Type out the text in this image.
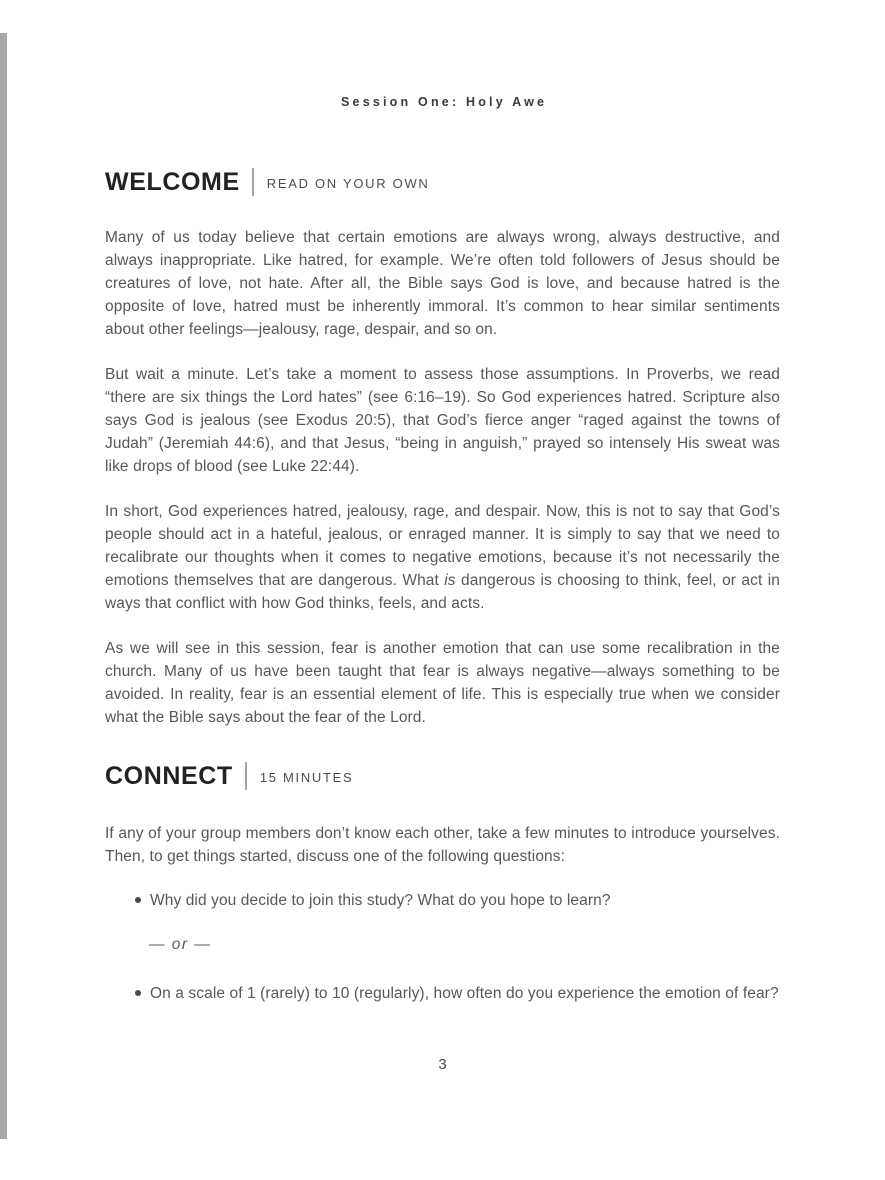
Session One: Holy Awe
WELCOME READ ON YOUR OWN

Many of us today believe that certain emotions are always wrong, always destructive, and always inappropriate. Like hatred, for example. We’re often told followers of Jesus should be creatures of love, not hate. After all, the Bible says God is love, and because hatred is the opposite of love, hatred must be inherently immoral. It’s common to hear similar sentiments about other feelings—jealousy, rage, despair, and so on.

But wait a minute. Let’s take a moment to assess those assumptions. In Proverbs, we read “there are six things the Lord hates” (see 6:16–19). So God experiences hatred. Scripture also says God is jealous (see Exodus 20:5), that God’s fierce anger “raged against the towns of Judah” (Jeremiah 44:6), and that Jesus, “being in anguish,” prayed so intensely His sweat was like drops of blood (see Luke 22:44).

In short, God experiences hatred, jealousy, rage, and despair. Now, this is not to say that God’s people should act in a hateful, jealous, or enraged manner. It is simply to say that we need to recalibrate our thoughts when it comes to negative emotions, because it’s not necessarily the emotions themselves that are dangerous. What is dangerous is choosing to think, feel, or act in ways that conflict with how God thinks, feels, and acts.

As we will see in this session, fear is another emotion that can use some recalibration in the church. Many of us have been taught that fear is always negative—always something to be avoided. In reality, fear is an essential element of life. This is especially true when we consider what the Bible says about the fear of the Lord.

CONNECT 15 MINUTES

If any of your group members don’t know each other, take a few minutes to introduce yourselves. Then, to get things started, discuss one of the following questions:

Why did you decide to join this study? What do you hope to learn?
— or —
On a scale of 1 (rarely) to 10 (regularly), how often do you experience the emotion of fear?
3
